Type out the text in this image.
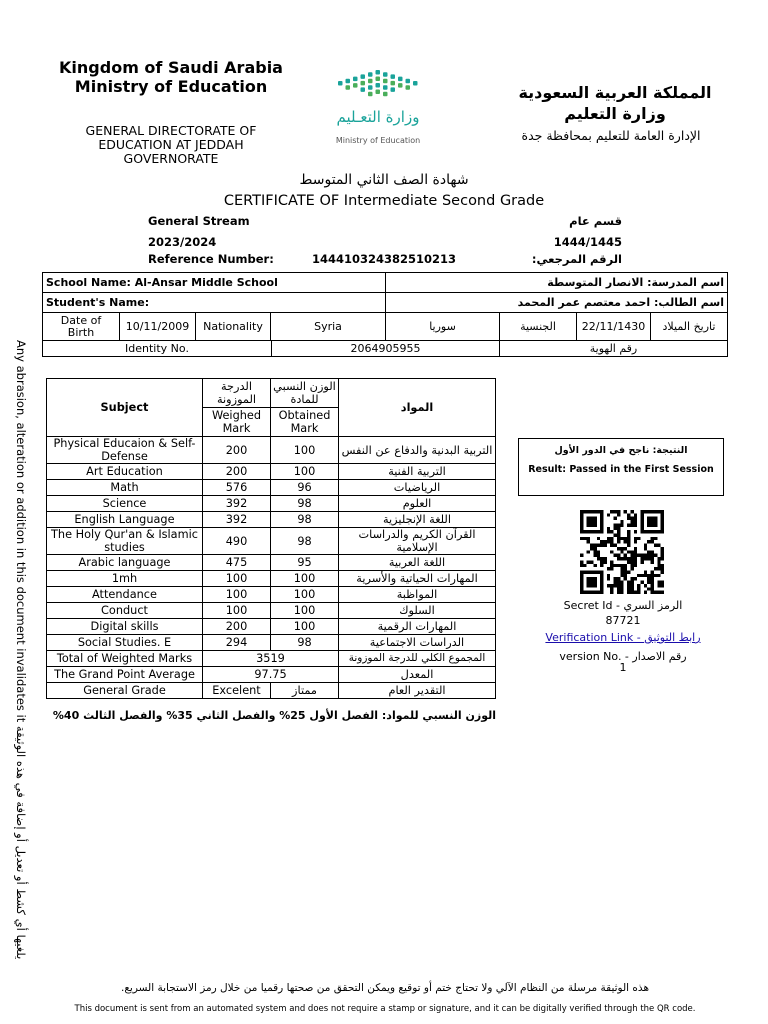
Kingdom of Saudi Arabia Ministry of Education
GENERAL DIRECTORATE OF EDUCATION AT JEDDAH GOVERNORATE
وزارة التعـليم
Ministry of Education
المملكة العربية السعودية
وزارة التعليم
الإدارة العامة للتعليم بمحافظة جدة
شهادة الصف الثاني المتوسط
CERTIFICATE OF Intermediate Second Grade
General Stream	قسم عام
2023/2024	1444/1445
Reference Number:	14441032438251021​3	الرقم المرجعي:
School Name: Al-Ansar Middle School	اسم المدرسة: الانصار المتوسطة
Student's Name:	اسم الطالب: احمد معتصم عمر المحمد
Date of Birth	10/11/2009	Nationality	Syria	سوريا	الجنسية	22/11/1430	تاريخ الميلاد
Identity No.	2064905955	رقم الهوية
Subject	الدرجة الموزونة	الوزن النسبي للمادة	المواد
	Weighed Mark	Obtained Mark	
Physical Educaion & Self-Defense	200	100	التربية البدنية والدفاع عن النفس
Art Education	200	100	التربية الفنية
Math	576	96	الرياضيات
Science	392	98	العلوم
English Language	392	98	اللغة الإنجليزية
The Holy Qur'an & Islamic studies	490	98	القرآن الكريم والدراسات الإسلامية
Arabic language	475	95	اللغة العربية
1mh	100	100	المهارات الحياتية والأسرية
Attendance	100	100	المواظبة
Conduct	100	100	السلوك
Digital skills	200	100	المهارات الرقمية
Social Studies. E	294	98	الدراسات الاجتماعية
Total of Weighted Marks	3519		المجموع الكلي للدرجة الموزونة
The Grand Point Average	97.75		المعدل
General Grade	Excelent	ممتاز	التقدير العام
الوزن النسبي للمواد: الفصل الأول 25% والفصل الثاني 35% والفصل الثالث 40%
النتيجة: ناجح في الدور الأول
Result: Passed in the First Session
Secret Id - الرمز السري
87721
Verification Link - رابط التوثيق
version No. - رقم الاصدار
1
Any abrasion, alteration or addition in this document invalidates it يلغيها أي كشط أو تعديل أو إضافة في هذه الوثيقة
هذه الوثيقة مرسلة من النظام الآلي ولا تحتاج ختم أو توقيع ويمكن التحقق من صحتها رقميا من خلال رمز الاستجابة السريع.
This document is sent from an automated system and does not require a stamp or signature, and it can be digitally verified through the QR code.
